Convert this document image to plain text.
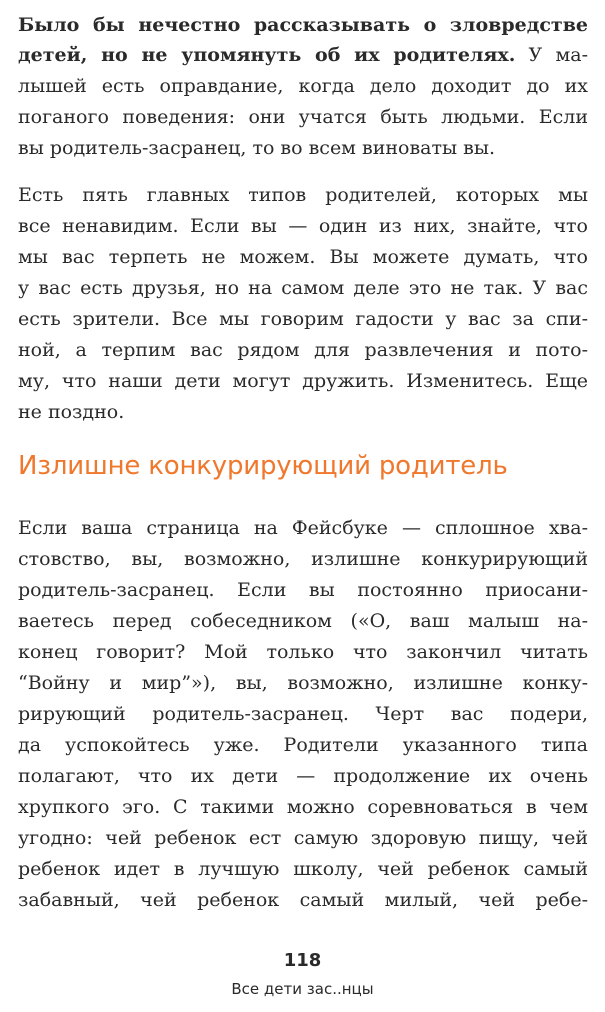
Было бы нечестно рассказывать о зловредстве
детей, но не упомянуть об их родителях. У ма-
лышей есть оправдание, когда дело доходит до их
поганого поведения: они учатся быть людьми. Если
вы родитель-засранец, то во всем виноваты вы.
Есть пять главных типов родителей, которых мы
все ненавидим. Если вы — один из них, знайте, что
мы вас терпеть не можем. Вы можете думать, что
у вас есть друзья, но на самом деле это не так. У вас
есть зрители. Все мы говорим гадости у вас за спи-
ной, а терпим вас рядом для развлечения и пото-
му, что наши дети могут дружить. Изменитесь. Еще
не поздно.
Излишне конкурирующий родитель
Если ваша страница на Фейсбуке — сплошное хва-
стовство, вы, возможно, излишне конкурирующий
родитель-засранец. Если вы постоянно приосани-
ваетесь перед собеседником («О, ваш малыш на-
конец говорит? Мой только что закончил читать
“Войну и мир”»), вы, возможно, излишне конку-
рирующий родитель-засранец. Черт вас подери,
да успокойтесь уже. Родители указанного типа
полагают, что их дети — продолжение их очень
хрупкого эго. С такими можно соревноваться в чем
угодно: чей ребенок ест самую здоровую пищу, чей
ребенок идет в лучшую школу, чей ребенок самый
забавный, чей ребенок самый милый, чей ребе-
118
Все дети зас..нцы
